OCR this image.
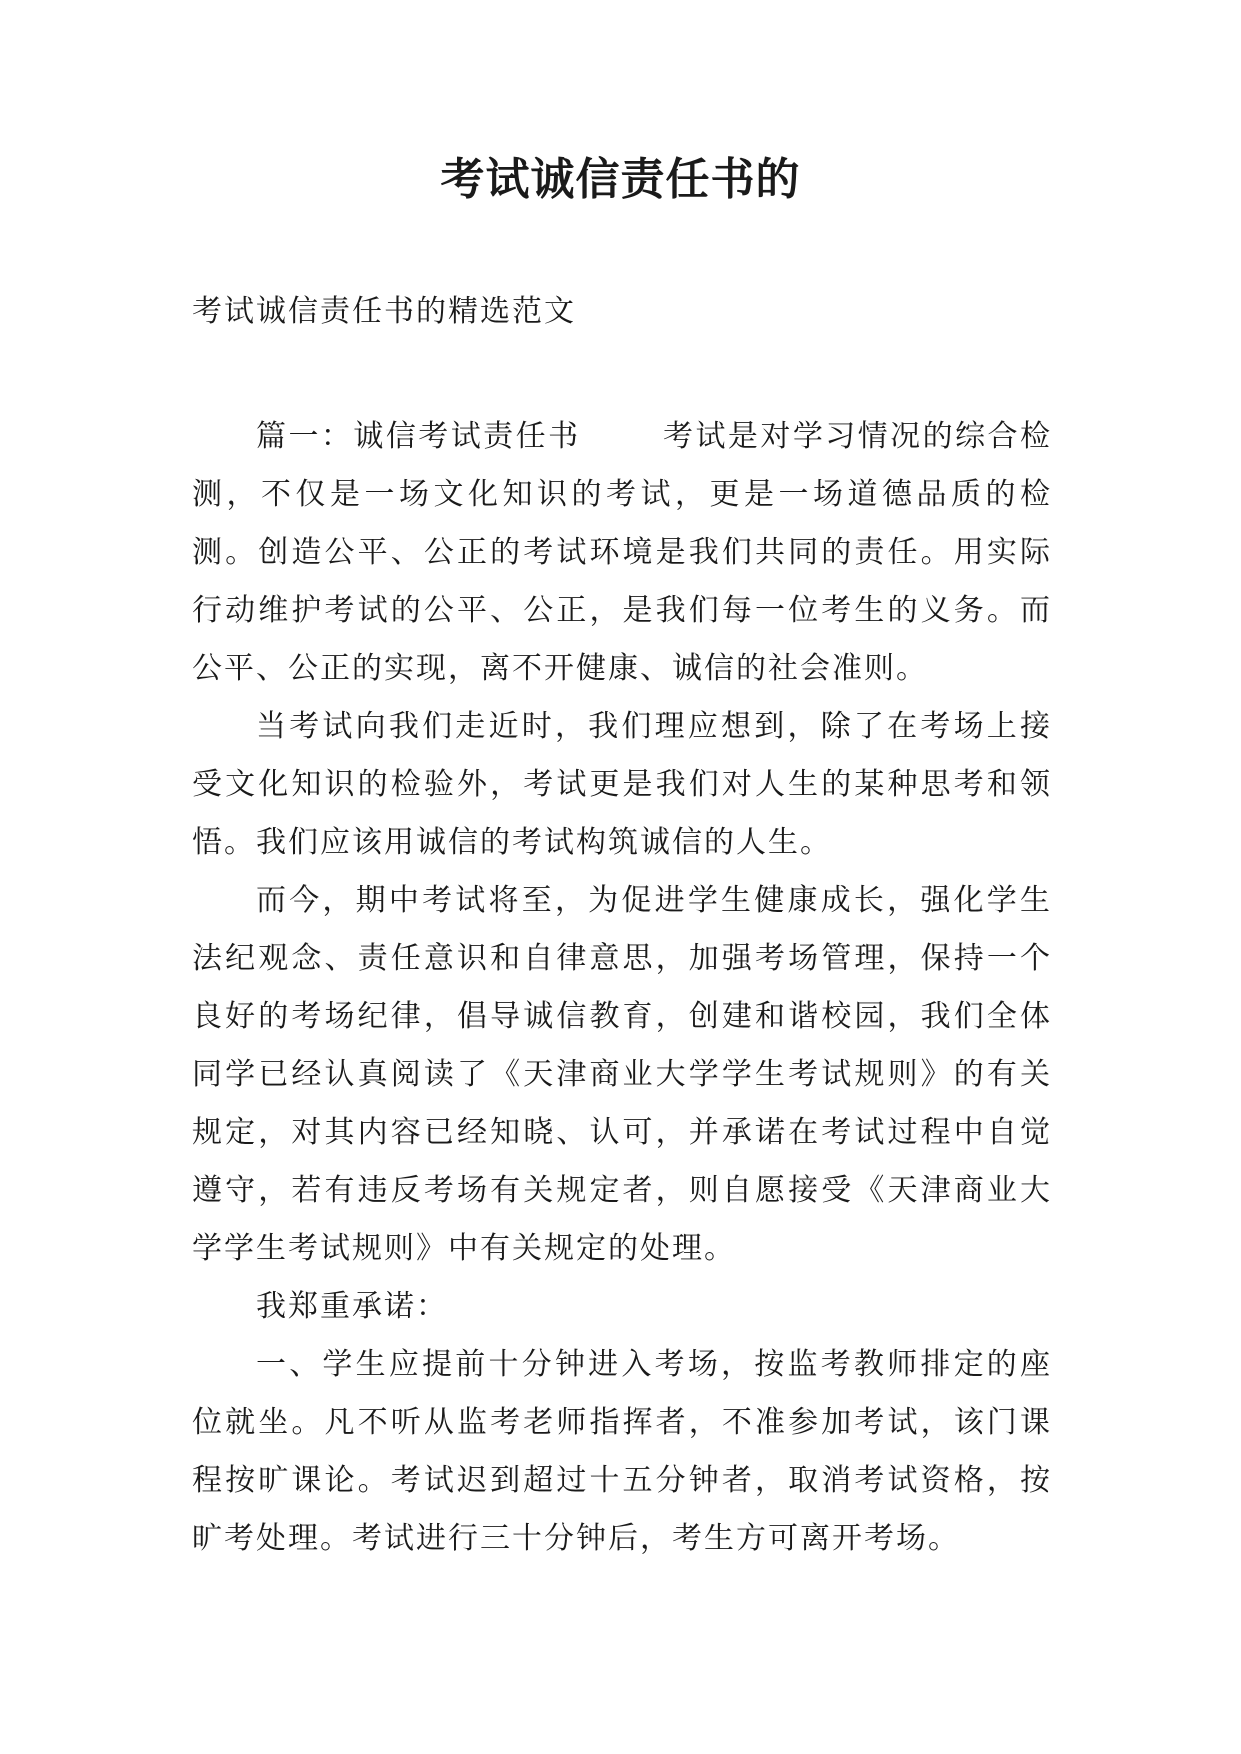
考试诚信责任书的
考试诚信责任书的精选范文

篇一：诚信考试责任书	考试是对学习情况的综合检测，不仅是一场文化知识的考试，更是一场道德品质的检测。创造公平、公正的考试环境是我们共同的责任。用实际行动维护考试的公平、公正，是我们每一位考生的义务。而公平、公正的实现，离不开健康、诚信的社会准则。

当考试向我们走近时，我们理应想到，除了在考场上接受文化知识的检验外，考试更是我们对人生的某种思考和领悟。我们应该用诚信的考试构筑诚信的人生。

而今，期中考试将至，为促进学生健康成长，强化学生法纪观念、责任意识和自律意思，加强考场管理，保持一个良好的考场纪律，倡导诚信教育，创建和谐校园，我们全体同学已经认真阅读了《天津商业大学学生考试规则》的有关规定，对其内容已经知晓、认可，并承诺在考试过程中自觉遵守，若有违反考场有关规定者，则自愿接受《天津商业大学学生考试规则》中有关规定的处理。

我郑重承诺：

一、学生应提前十分钟进入考场，按监考教师排定的座位就坐。凡不听从监考老师指挥者，不准参加考试，该门课程按旷课论。考试迟到超过十五分钟者，取消考试资格，按旷考处理。考试进行三十分钟后，考生方可离开考场。
